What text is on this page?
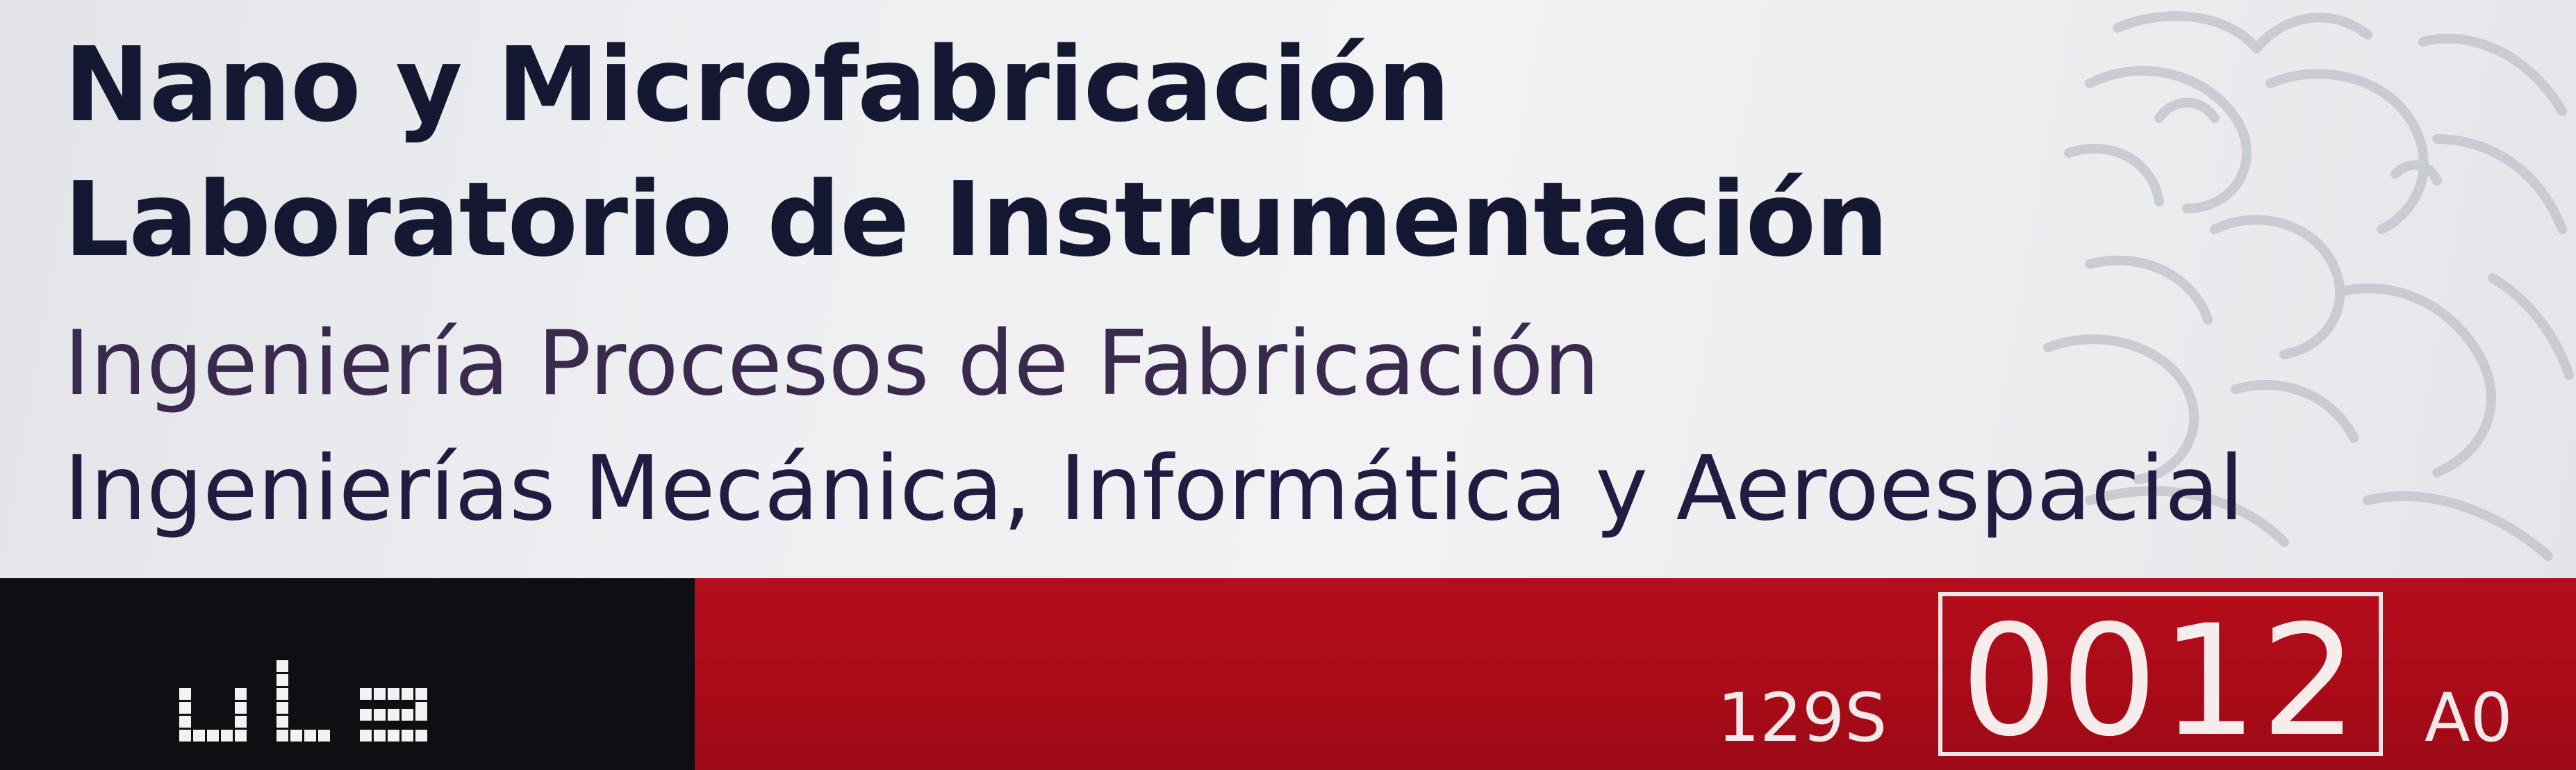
Nano y Microfabricación
Laboratorio de Instrumentación
Ingeniería Procesos de Fabricación
Ingenierías Mecánica, Informática y Aeroespacial
129S 0012 A0
